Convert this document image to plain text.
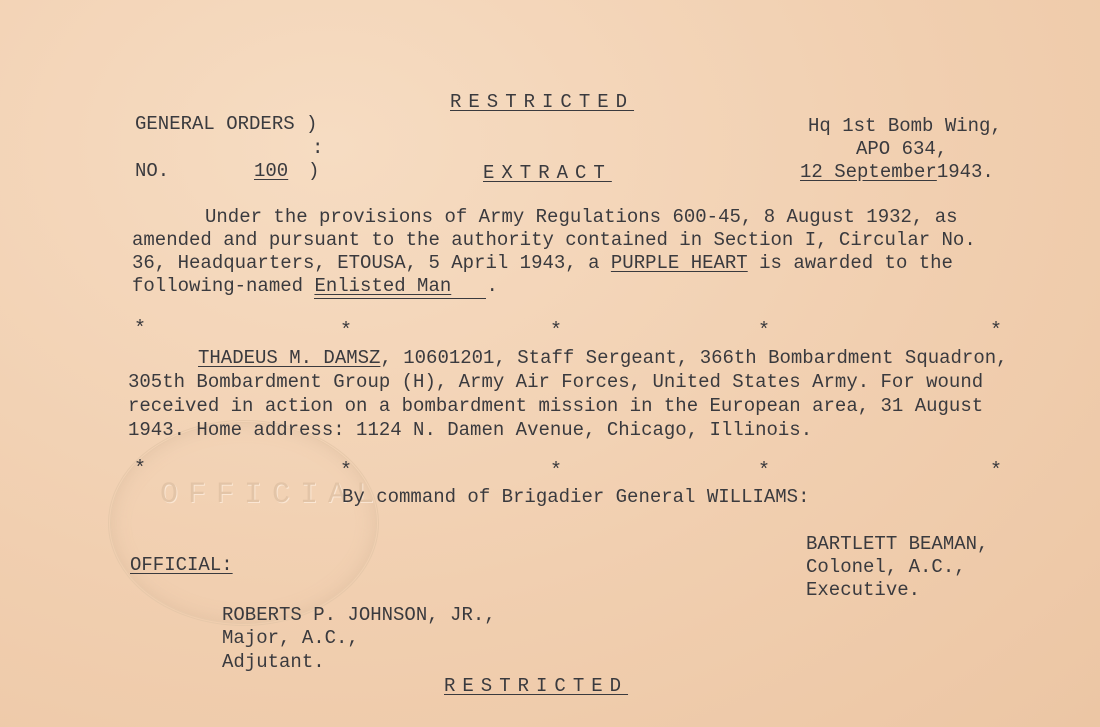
OFFICIAL
RESTRICTED
GENERAL ORDERS )
:
NO.	100 )	EXTRACT
Hq 1st Bomb Wing,
APO 634,
12 September1943.
Under the provisions of Army Regulations 600-45, 8 August 1932, as
amended and pursuant to the authority contained in Section I, Circular No.
36, Headquarters, ETOUSA, 5 April 1943, a PURPLE HEART is awarded to the
following-named Enlisted Man .
*	*	*	*	*
THADEUS M. DAMSZ, 10601201, Staff Sergeant, 366th Bombardment Squadron,
305th Bombardment Group (H), Army Air Forces, United States Army. For wound
received in action on a bombardment mission in the European area, 31 August
1943. Home address: 1124 N. Damen Avenue, Chicago, Illinois.
*	*	*	*	*
By command of Brigadier General WILLIAMS:
BARTLETT BEAMAN,
Colonel, A.C.,
Executive.
OFFICIAL:
ROBERTS P. JOHNSON, JR.,
Major, A.C.,
Adjutant.
RESTRICTED
